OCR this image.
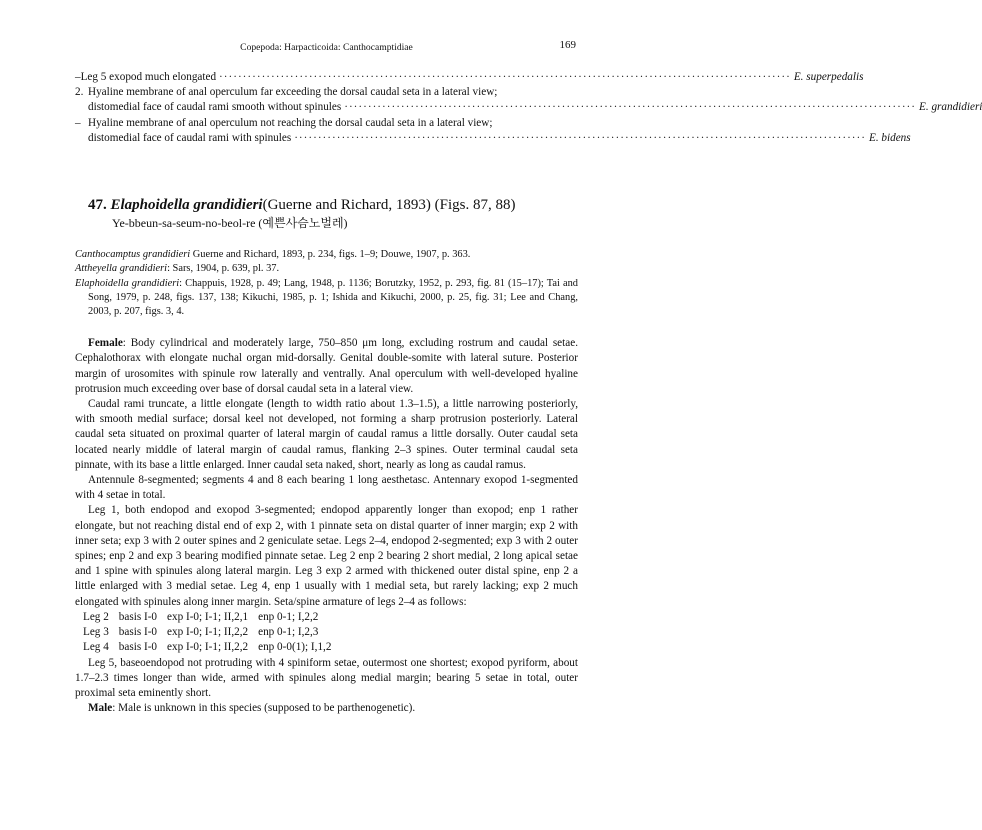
Copepoda: Harpacticoida: Canthocamptidiae	169
– Leg 5 exopod much elongated ·····	E. superpedalis
2. Hyaline membrane of anal operculum far exceeding the dorsal caudal seta in a lateral view;
distomedial face of caudal rami smooth without spinules ·····	E. grandidieri
– Hyaline membrane of anal operculum not reaching the dorsal caudal seta in a lateral view;
distomedial face of caudal rami with spinules ·····	E. bidens
47. Elaphoidella grandidieri(Guerne and Richard, 1893) (Figs. 87, 88)
Ye-bbeun-sa-seum-no-beol-re (예쁜사슴노벌레)

Canthocamptus grandidieri Guerne and Richard, 1893, p. 234, figs. 1–9; Douwe, 1907, p. 363.

Attheyella grandidieri: Sars, 1904, p. 639, pl. 37.

Elaphoidella grandidieri: Chappuis, 1928, p. 49; Lang, 1948, p. 1136; Borutzky, 1952, p. 293, fig. 81 (15–17); Tai and Song, 1979, p. 248, figs. 137, 138; Kikuchi, 1985, p. 1; Ishida and Kikuchi, 2000, p. 25, fig. 31; Lee and Chang, 2003, p. 207, figs. 3, 4.

Female: Body cylindrical and moderately large, 750–850 μm long, excluding rostrum and caudal setae. Cephalothorax with elongate nuchal organ mid-dorsally. Genital double-somite with lateral suture. Posterior margin of urosomites with spinule row laterally and ventrally. Anal operculum with well-developed hyaline protrusion much exceeding over base of dorsal caudal seta in a lateral view.

Caudal rami truncate, a little elongate (length to width ratio about 1.3–1.5), a little narrowing posteriorly, with smooth medial surface; dorsal keel not developed, not forming a sharp protrusion posteriorly. Lateral caudal seta situated on proximal quarter of lateral margin of caudal ramus a little dorsally. Outer caudal seta located nearly middle of lateral margin of caudal ramus, flanking 2–3 spines. Outer terminal caudal seta pinnate, with its base a little enlarged. Inner caudal seta naked, short, nearly as long as caudal ramus.

Antennule 8-segmented; segments 4 and 8 each bearing 1 long aesthetasc. Antennary exopod 1-segmented with 4 setae in total.

Leg 1, both endopod and exopod 3-segmented; endopod apparently longer than exopod; enp 1 rather elongate, but not reaching distal end of exp 2, with 1 pinnate seta on distal quarter of inner margin; exp 2 with inner seta; exp 3 with 2 outer spines and 2 geniculate setae. Legs 2–4, endopod 2-segmented; exp 3 with 2 outer spines; enp 2 and exp 3 bearing modified pinnate setae. Leg 2 enp 2 bearing 2 short medial, 2 long apical setae and 1 spine with spinules along lateral margin. Leg 3 exp 2 armed with thickened outer distal spine, enp 2 a little enlarged with 3 medial setae. Leg 4, enp 1 usually with 1 medial seta, but rarely lacking; exp 2 much elongated with spinules along inner margin. Seta/spine armature of legs 2–4 as follows:

Leg 2	basis I-0	exp I-0; I-1; II,2,1	enp 0-1; I,2,2
Leg 3	basis I-0	exp I-0; I-1; II,2,2	enp 0-1; I,2,3
Leg 4	basis I-0	exp I-0; I-1; II,2,2	enp 0-0(1); I,1,2

Leg 5, baseoendopod not protruding with 4 spiniform setae, outermost one shortest; exopod pyriform, about 1.7–2.3 times longer than wide, armed with spinules along medial margin; bearing 5 setae in total, outer proximal seta eminently short.

Male: Male is unknown in this species (supposed to be parthenogenetic).
